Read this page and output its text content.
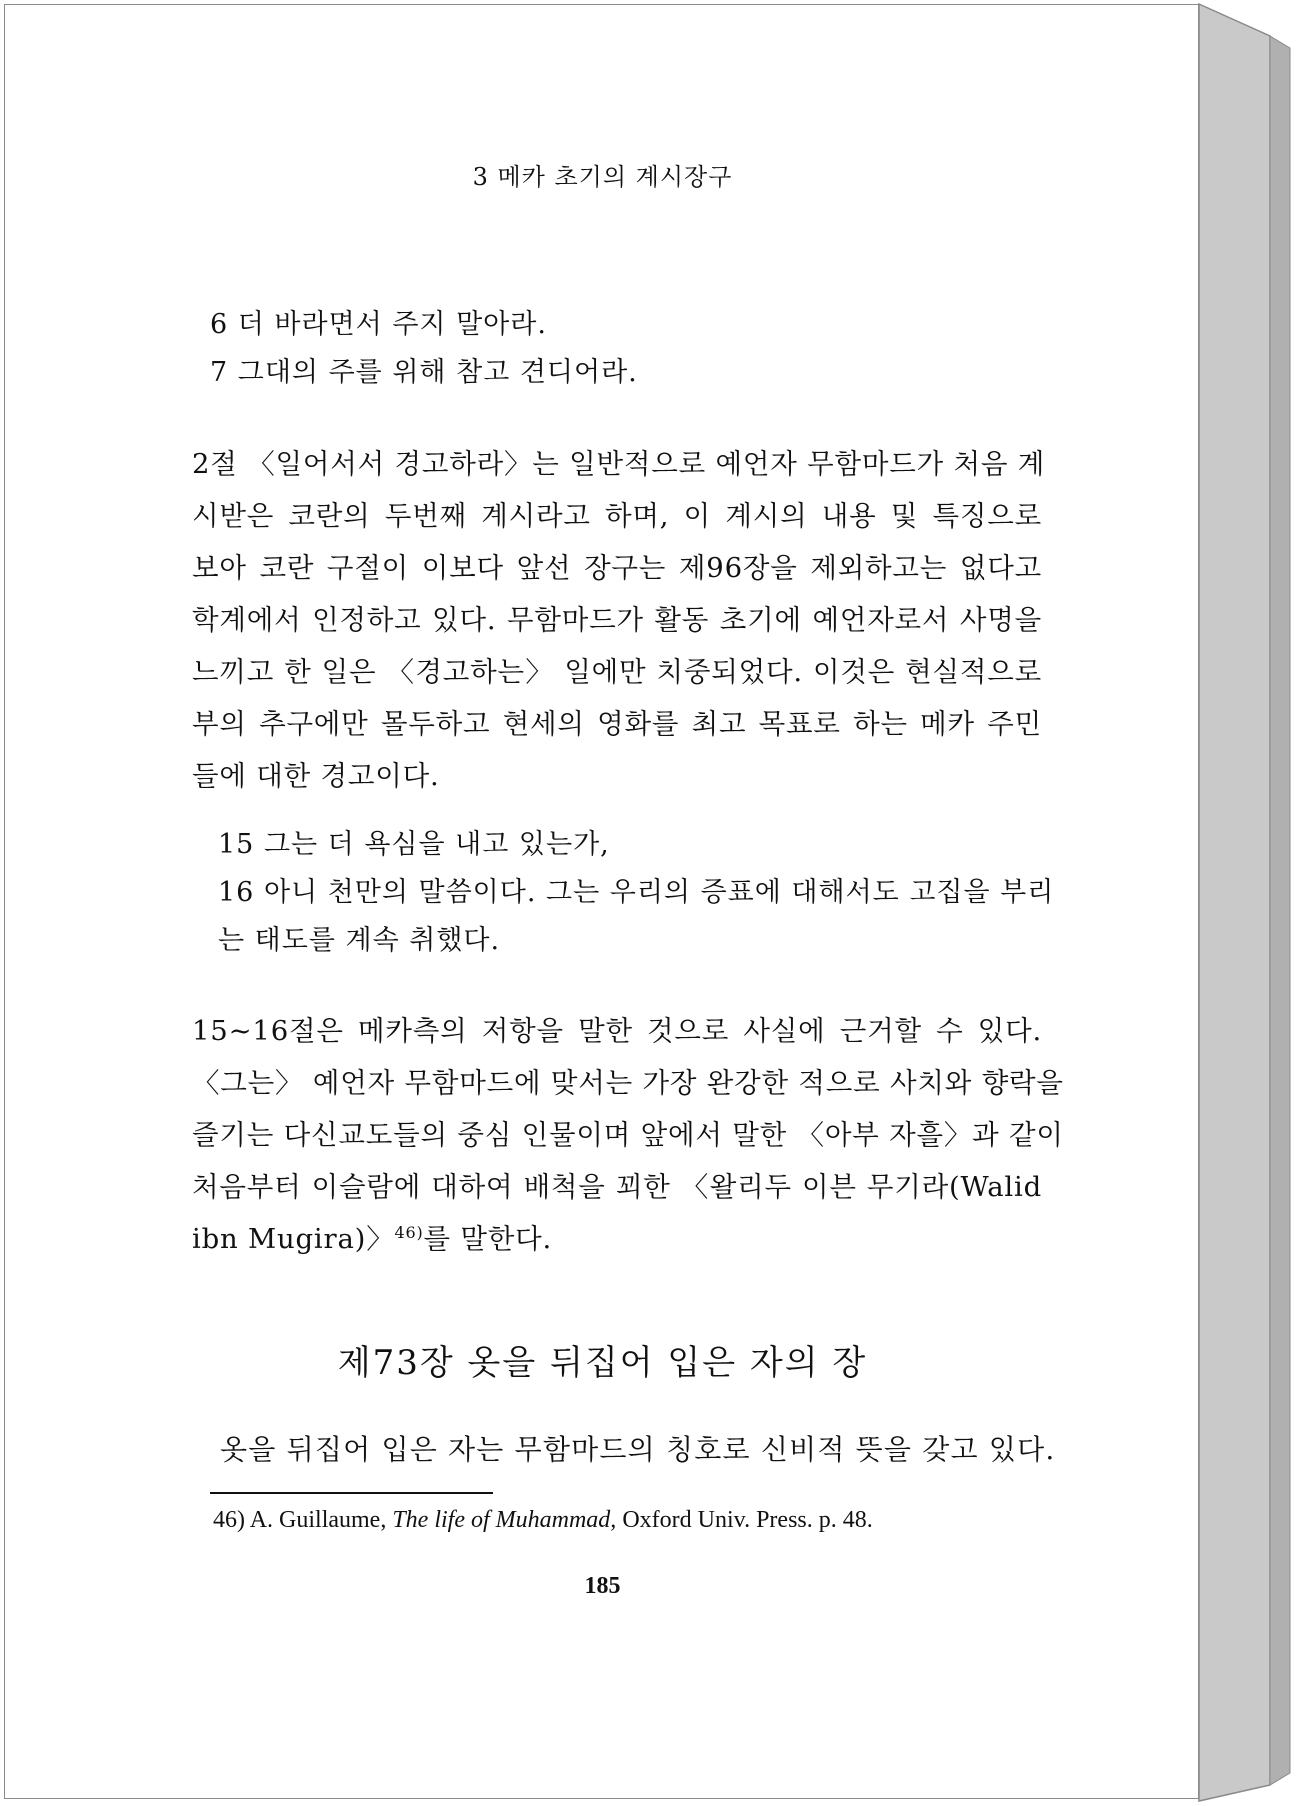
3 메카 초기의 계시장구
6 더 바라면서 주지 말아라.
7 그대의 주를 위해 참고 견디어라.
2절 〈일어서서 경고하라〉는 일반적으로 예언자 무함마드가 처음 계
시받은 코란의 두번째 계시라고 하며, 이 계시의 내용 및 특징으로
보아 코란 구절이 이보다 앞선 장구는 제96장을 제외하고는 없다고
학계에서 인정하고 있다. 무함마드가 활동 초기에 예언자로서 사명을
느끼고 한 일은 〈경고하는〉 일에만 치중되었다. 이것은 현실적으로
부의 추구에만 몰두하고 현세의 영화를 최고 목표로 하는 메카 주민
들에 대한 경고이다.
15 그는 더 욕심을 내고 있는가,
16 아니 천만의 말씀이다. 그는 우리의 증표에 대해서도 고집을 부리
는 태도를 계속 취했다.
15~16절은 메카측의 저항을 말한 것으로 사실에 근거할 수 있다.
〈그는〉 예언자 무함마드에 맞서는 가장 완강한 적으로 사치와 향락을
즐기는 다신교도들의 중심 인물이며 앞에서 말한 〈아부 자흘〉과 같이
처음부터 이슬람에 대하여 배척을 꾀한 〈왈리두 이븐 무기라(Walid
ibn Mugira)〉$^{46)}$를 말한다.
제73장 옷을 뒤집어 입은 자의 장
옷을 뒤집어 입은 자는 무함마드의 칭호로 신비적 뜻을 갖고 있다.
46) A. Guillaume, The life of Muhammad, Oxford Univ. Press. p. 48.
185
